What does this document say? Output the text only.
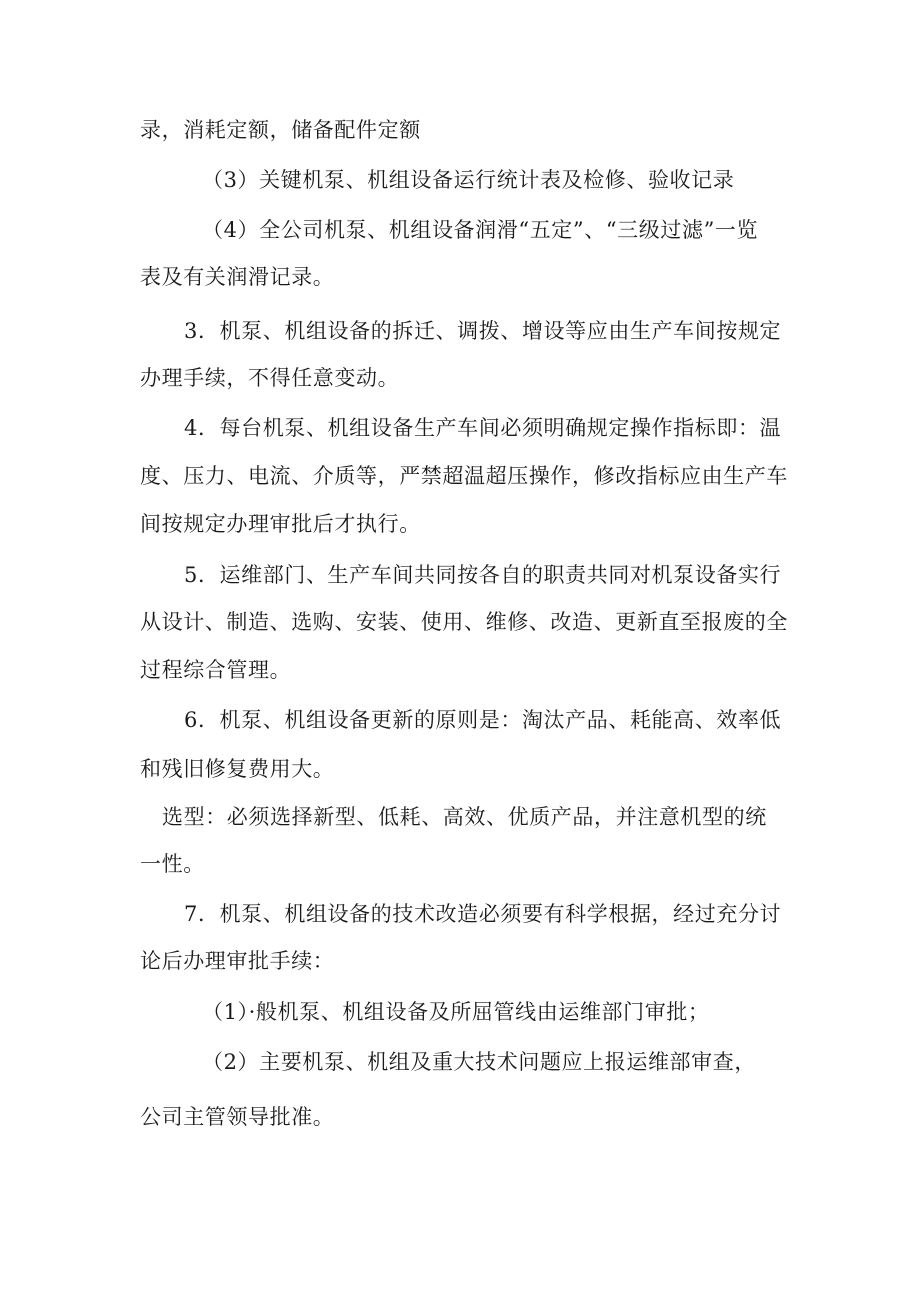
录，消耗定额，储备配件定额
（3）关键机泵、机组设备运行统计表及检修、验收记录
（4）全公司机泵、机组设备润滑“五定”、“三级过滤”一览
表及有关润滑记录。
3．机泵、机组设备的拆迁、调拨、增设等应由生产车间按规定
办理手续，不得任意变动。
4．每台机泵、机组设备生产车间必须明确规定操作指标即：温
度、压力、电流、介质等，严禁超温超压操作，修改指标应由生产车
间按规定办理审批后才执行。
5．运维部门、生产车间共同按各自的职责共同对机泵设备实行
从设计、制造、选购、安装、使用、维修、改造、更新直至报废的全
过程综合管理。
6．机泵、机组设备更新的原则是：淘汰产品、耗能高、效率低
和残旧修复费用大。
选型：必须选择新型、低耗、高效、优质产品，并注意机型的统
一性。
7．机泵、机组设备的技术改造必须要有科学根据，经过充分讨
论后办理审批手续：
（1）·般机泵、机组设备及所屈管线由运维部门审批；
（2）主要机泵、机组及重大技术问题应上报运维部审查，
公司主管领导批准。
